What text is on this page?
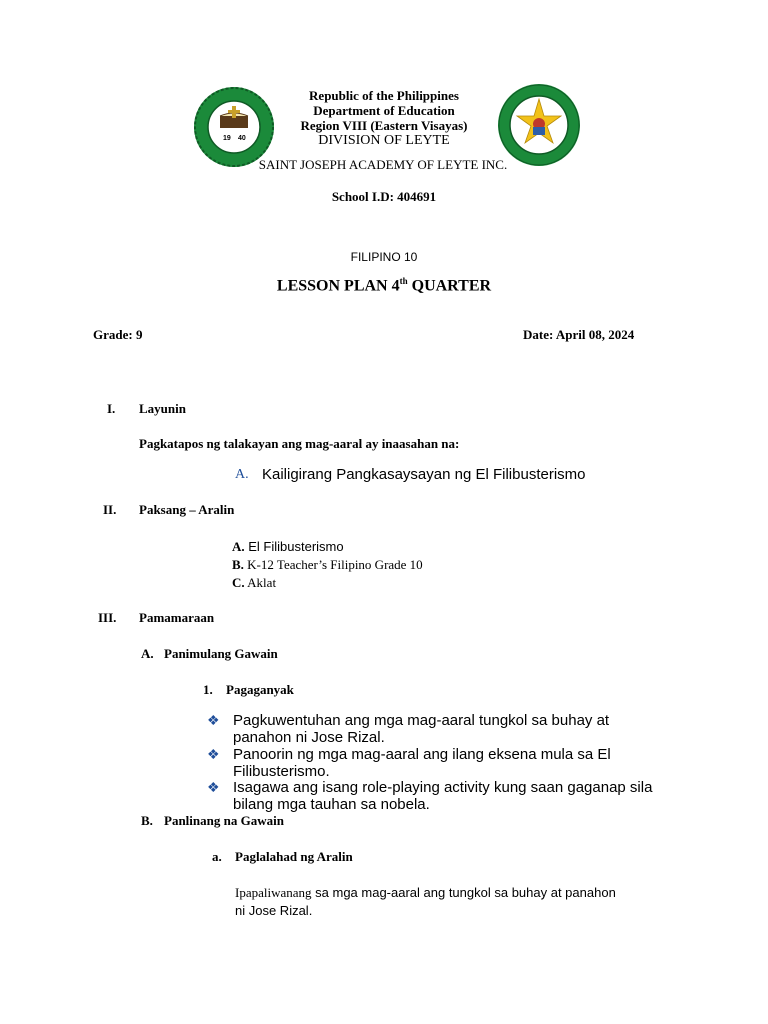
19 40
Republic of the Philippines
Department of Education
Region VIII (Eastern Visayas)
DIVISION OF LEYTE
SAINT JOSEPH ACADEMY OF LEYTE INC.
School I.D: 404691
FILIPINO 10
LESSON PLAN 4th QUARTER
Grade: 9	Date: April 08, 2024
I. Layunin
Pagkatapos ng talakayan ang mag-aaral ay inaasahan na:
A. Kailigirang Pangkasaysayan ng El Filibusterismo
II. Paksang – Aralin
A. El Filibusterismo
B. K-12 Teacher’s Filipino Grade 10
C. Aklat
III. Pamamaraan
A. Panimulang Gawain
1. Pagaganyak
❖ Pagkuwentuhan ang mga mag-aaral tungkol sa buhay at
panahon ni Jose Rizal.
❖ Panoorin ng mga mag-aaral ang ilang eksena mula sa El
Filibusterismo.
❖ Isagawa ang isang role-playing activity kung saan gaganap sila
bilang mga tauhan sa nobela.
B. Panlinang na Gawain
a. Paglalahad ng Aralin
Ipapaliwanang sa mga mag-aaral ang tungkol sa buhay at panahon
ni Jose Rizal.
